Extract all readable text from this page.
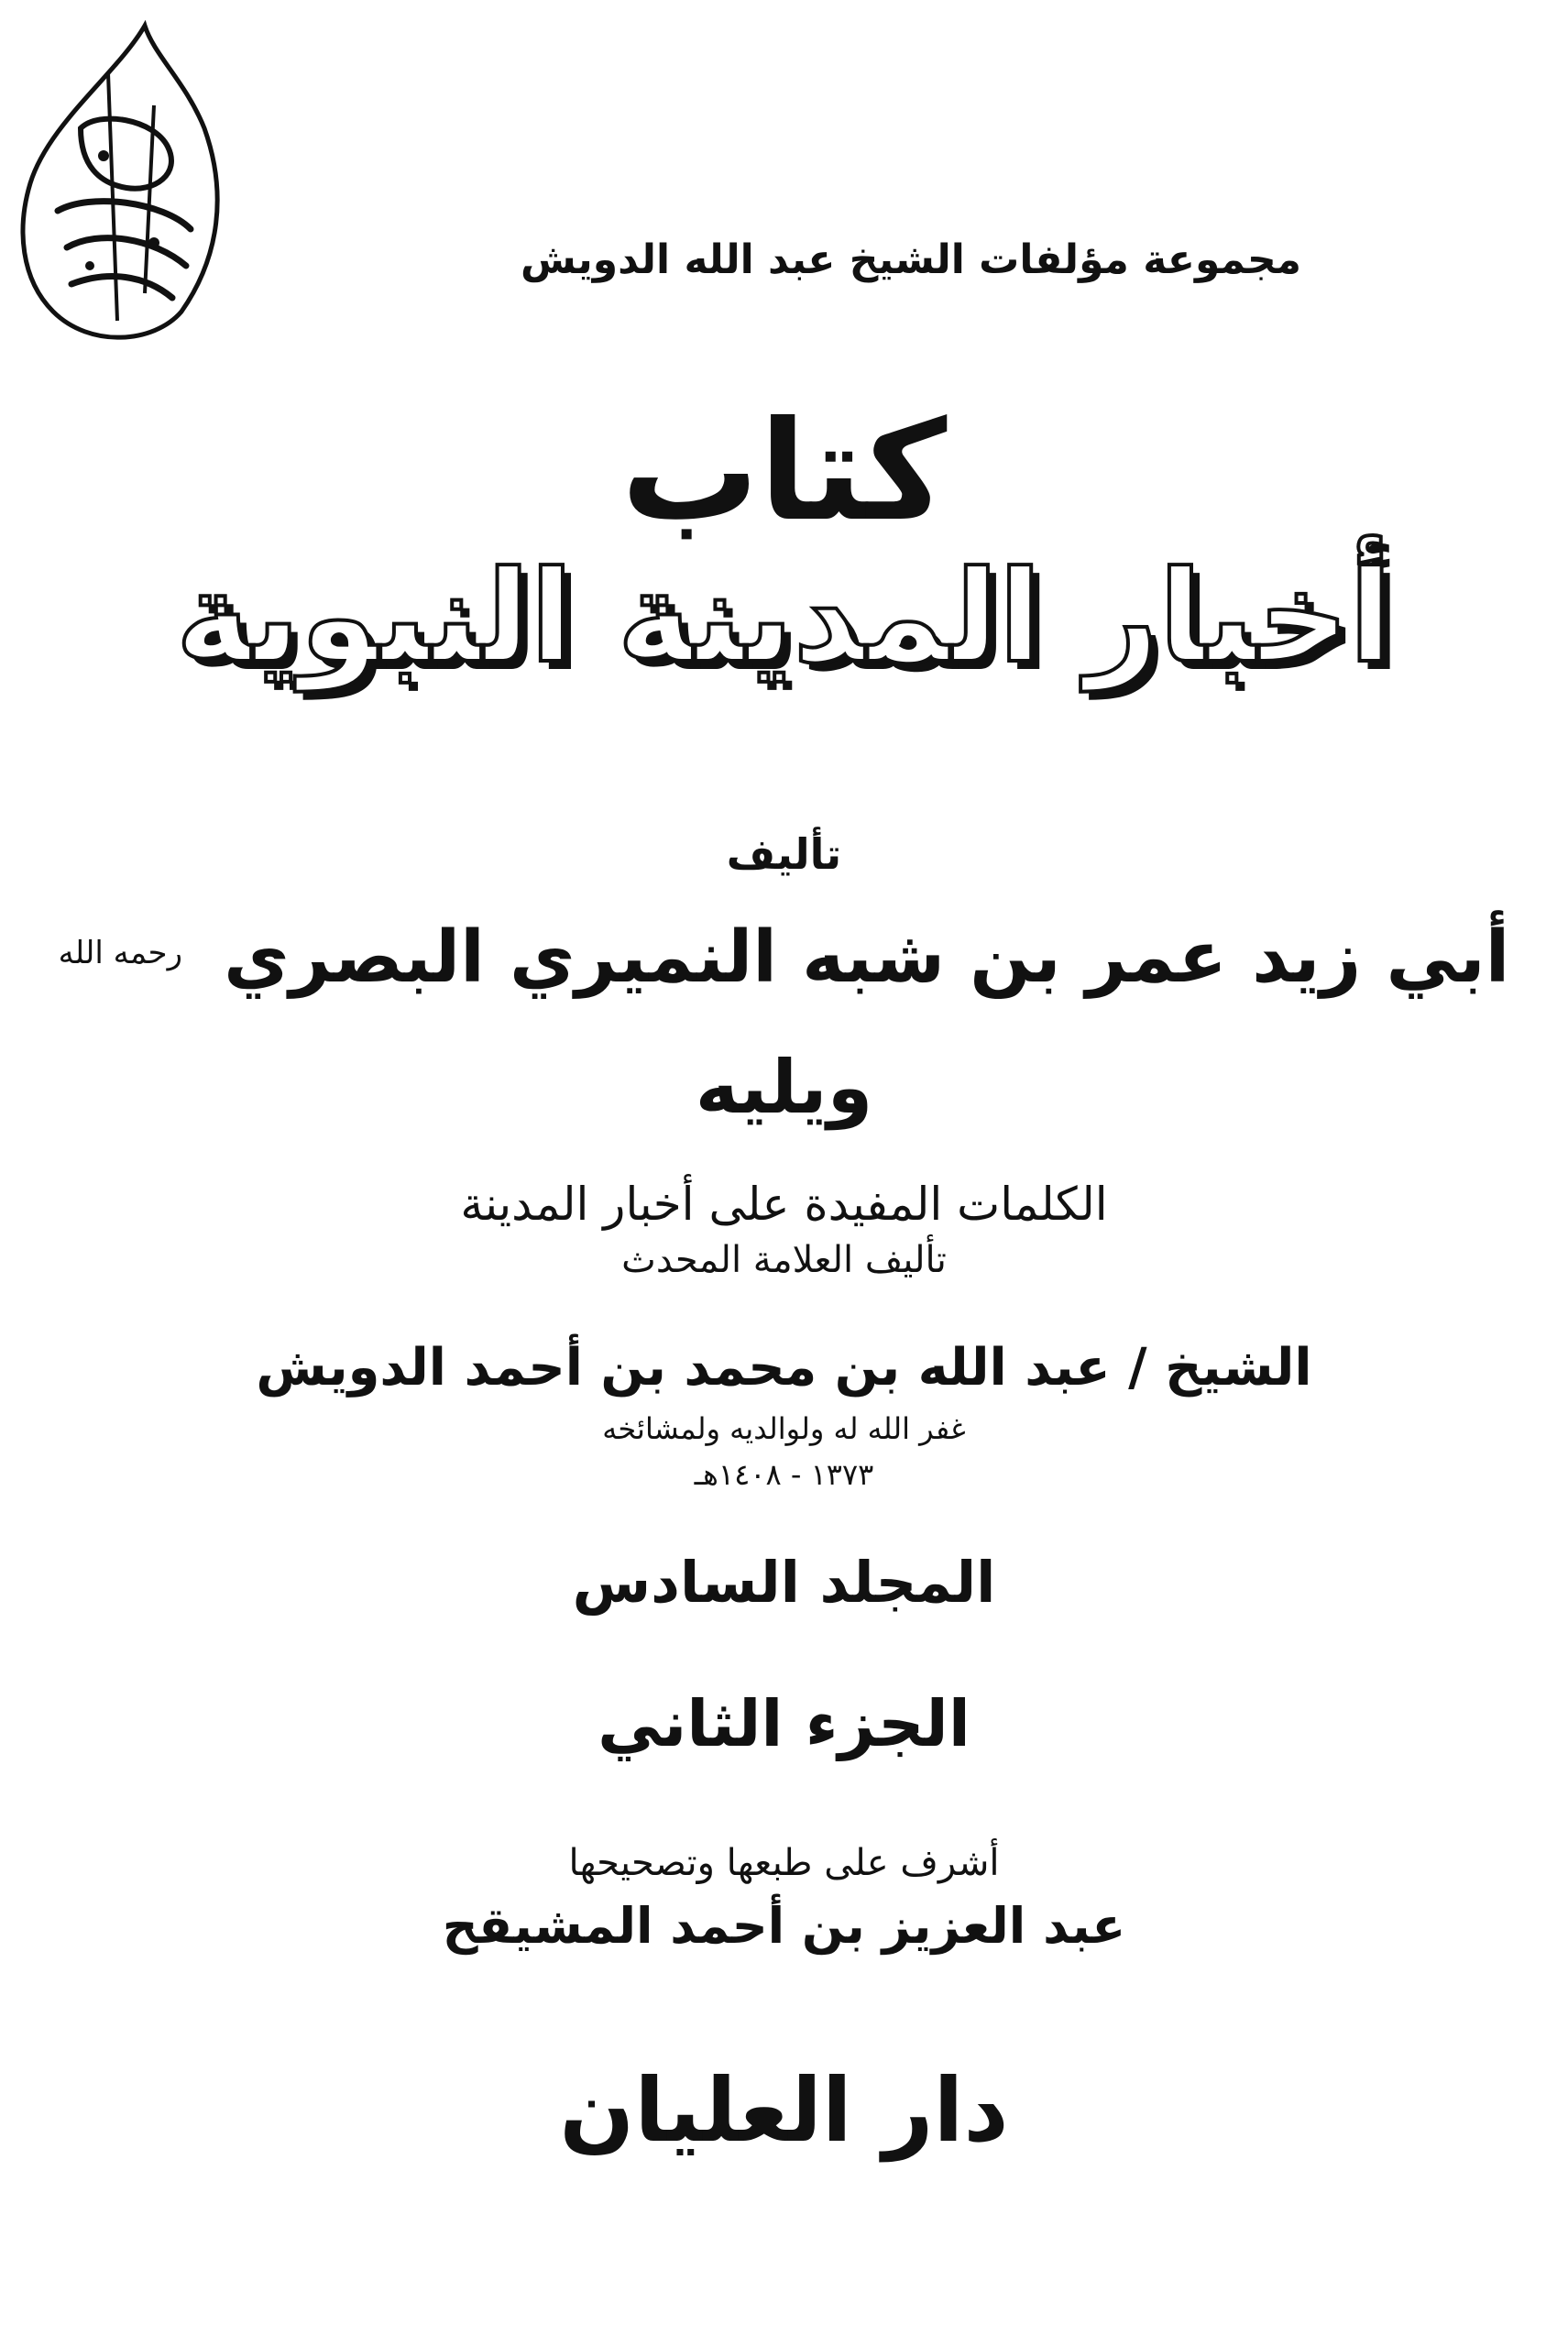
مجموعة مؤلفات الشيخ عبد الله الدويش
كتاب
أخبار المدينة النبوية
تأليف
أبي زيد عمر بن شبه النميري البصري $^{رحمه الله}$
ويليه
الكلمات المفيدة على أخبار المدينة
تأليف العلامة المحدث
الشيخ / عبد الله بن محمد بن أحمد الدويش
غفر الله له ولوالديه ولمشائخه
١٣٧٣ - ١٤٠٨هـ
المجلد السادس
الجزء الثاني
أشرف على طبعها وتصحيحها
عبد العزيز بن أحمد المشيقح
دار العليان
